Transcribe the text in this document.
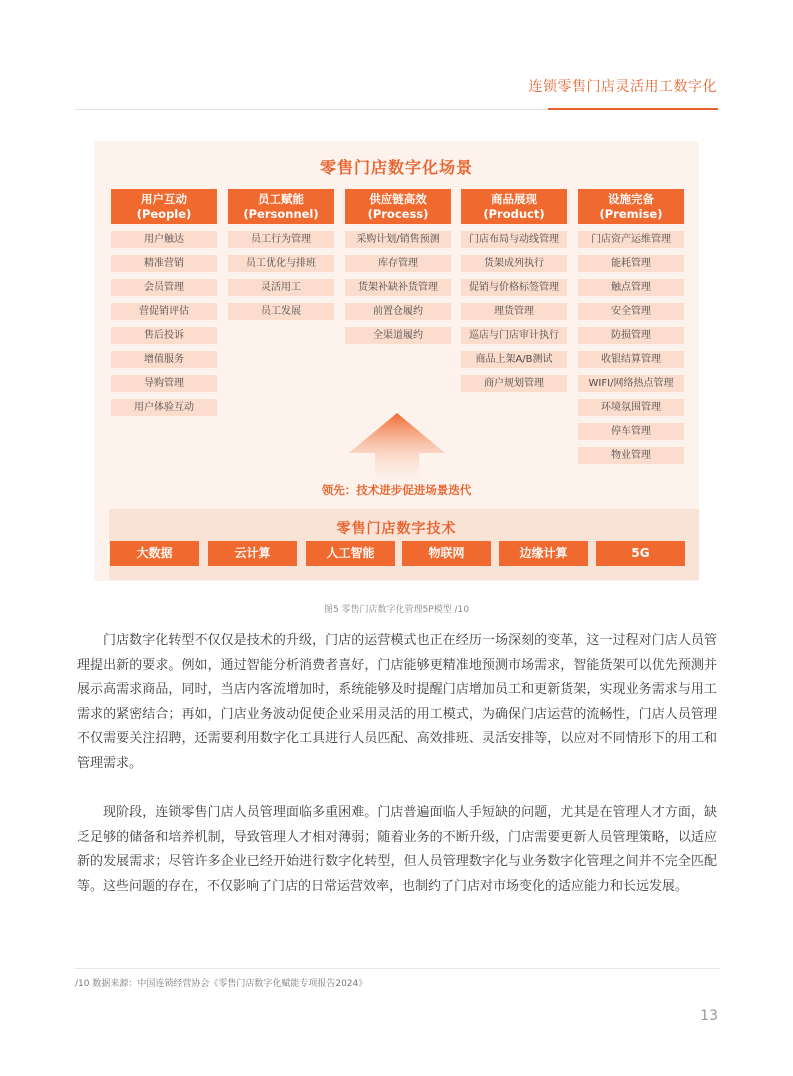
连锁零售门店灵活用工数字化
零售门店数字化场景
用户互动
(People)
用户触达
精准营销
会员管理
营促销评估
售后投诉
增值服务
导购管理
用户体验互动
员工赋能
(Personnel)
员工行为管理
员工优化与排班
灵活用工
员工发展
供应链高效
(Process)
采购计划/销售预测
库存管理
货架补缺补货管理
前置仓履约
全渠道履约
商品展现
(Product)
门店布局与动线管理
货架成列执行
促销与价格标签管理
理货管理
巡店与门店审计执行
商品上架A/B测试
商户规划管理
设施完备
(Premise)
门店资产运维管理
能耗管理
触点管理
安全管理
防损管理
收银结算管理
WIFI/网络热点管理
环境氛围管理
停车管理
物业管理
领先：技术进步促进场景迭代
零售门店数字技术
大数据	云计算	人工智能	物联网	边缘计算	5G
图5 零售门店数字化管理5P模型 /10

门店数字化转型不仅仅是技术的升级，门店的运营模式也正在经历一场深刻的变革，这一过程对门店人员管理提出新的要求。例如，通过智能分析消费者喜好，门店能够更精准地预测市场需求，智能货架可以优先预测并展示高需求商品，同时，当店内客流增加时，系统能够及时提醒门店增加员工和更新货架，实现业务需求与用工需求的紧密结合；再如，门店业务波动促使企业采用灵活的用工模式，为确保门店运营的流畅性，门店人员管理不仅需要关注招聘，还需要利用数字化工具进行人员匹配、高效排班、灵活安排等，以应对不同情形下的用工和管理需求。

现阶段，连锁零售门店人员管理面临多重困难。门店普遍面临人手短缺的问题，尤其是在管理人才方面，缺乏足够的储备和培养机制，导致管理人才相对薄弱；随着业务的不断升级，门店需要更新人员管理策略，以适应新的发展需求；尽管许多企业已经开始进行数字化转型，但人员管理数字化与业务数字化管理之间并不完全匹配等。这些问题的存在，不仅影响了门店的日常运营效率，也制约了门店对市场变化的适应能力和长远发展。

/10 数据来源：中国连锁经营协会《零售门店数字化赋能专项报告2024》
13
